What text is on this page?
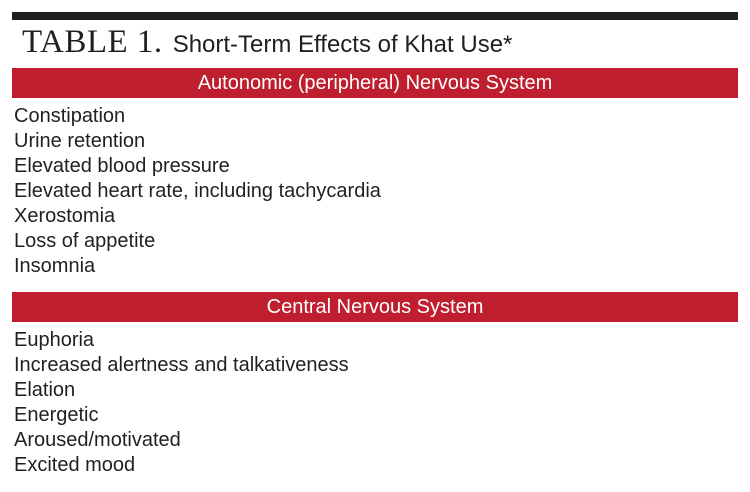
TABLE 1. Short-Term Effects of Khat Use*
Autonomic (peripheral) Nervous System
Constipation
Urine retention
Elevated blood pressure
Elevated heart rate, including tachycardia
Xerostomia
Loss of appetite
Insomnia
Central Nervous System
Euphoria
Increased alertness and talkativeness
Elation
Energetic
Aroused/motivated
Excited mood
